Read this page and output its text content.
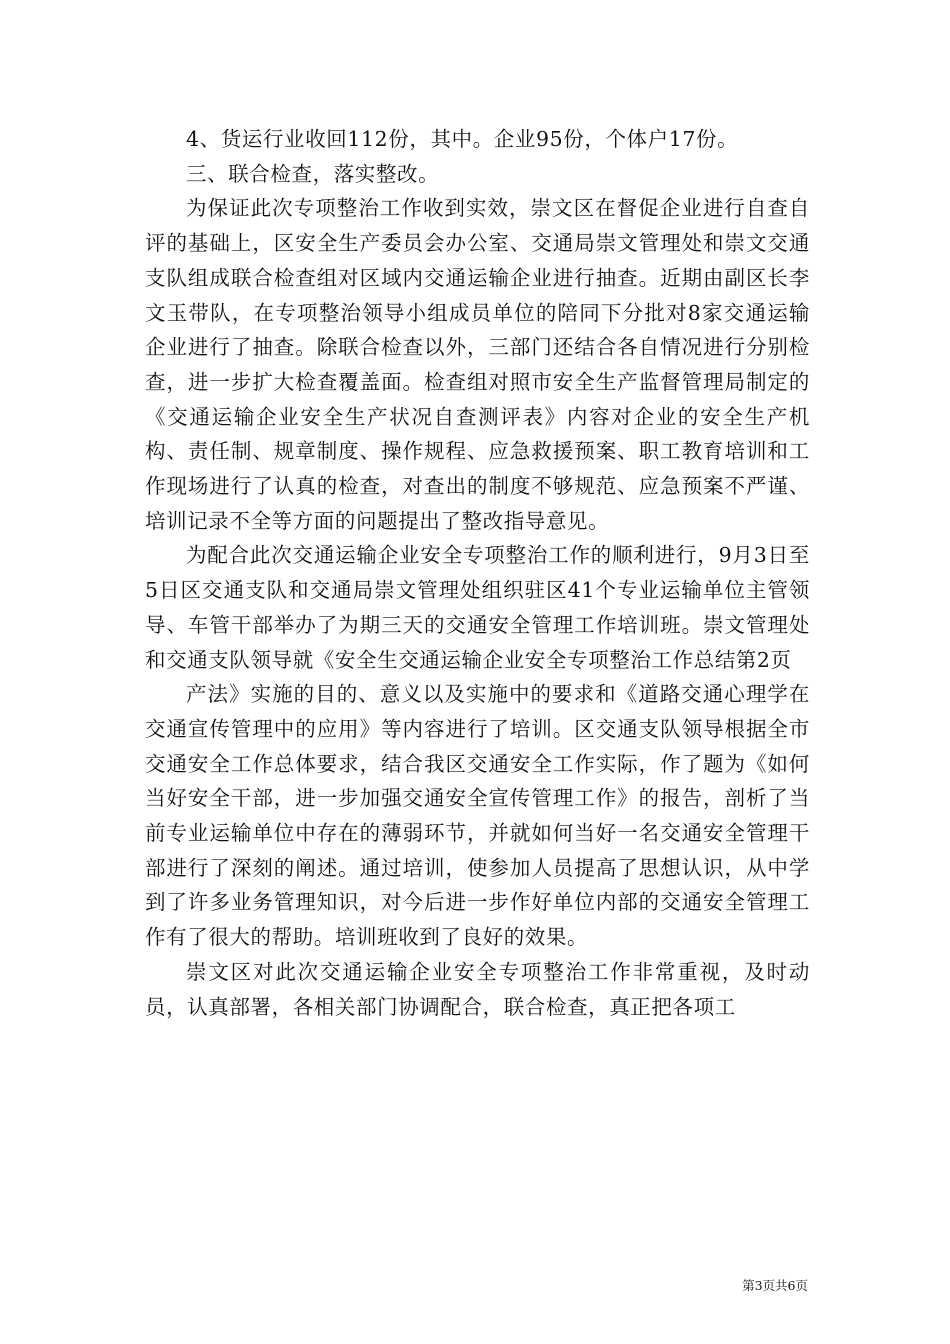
4、货运行业收回112份，其中。企业95份，个体户17份。

三、联合检查，落实整改。

为保证此次专项整治工作收到实效，崇文区在督促企业进行自查自评的基础上，区安全生产委员会办公室、交通局崇文管理处和崇文交通支队组成联合检查组对区域内交通运输企业进行抽查。近期由副区长李文玉带队，在专项整治领导小组成员单位的陪同下分批对8家交通运输企业进行了抽查。除联合检查以外，三部门还结合各自情况进行分别检查，进一步扩大检查覆盖面。检查组对照市安全生产监督管理局制定的《交通运输企业安全生产状况自查测评表》内容对企业的安全生产机构、责任制、规章制度、操作规程、应急救援预案、职工教育培训和工作现场进行了认真的检查，对查出的制度不够规范、应急预案不严谨、培训记录不全等方面的问题提出了整改指导意见。

为配合此次交通运输企业安全专项整治工作的顺利进行，9月3日至5日区交通支队和交通局崇文管理处组织驻区41个专业运输单位主管领导、车管干部举办了为期三天的交通安全管理工作培训班。崇文管理处和交通支队领导就《安全生交通运输企业安全专项整治工作总结第2页

产法》实施的目的、意义以及实施中的要求和《道路交通心理学在交通宣传管理中的应用》等内容进行了培训。区交通支队领导根据全市交通安全工作总体要求，结合我区交通安全工作实际，作了题为《如何当好安全干部，进一步加强交通安全宣传管理工作》的报告，剖析了当前专业运输单位中存在的薄弱环节，并就如何当好一名交通安全管理干部进行了深刻的阐述。通过培训，使参加人员提高了思想认识，从中学到了许多业务管理知识，对今后进一步作好单位内部的交通安全管理工作有了很大的帮助。培训班收到了良好的效果。

崇文区对此次交通运输企业安全专项整治工作非常重视，及时动员，认真部署，各相关部门协调配合，联合检查，真正把各项工

第3页共6页
